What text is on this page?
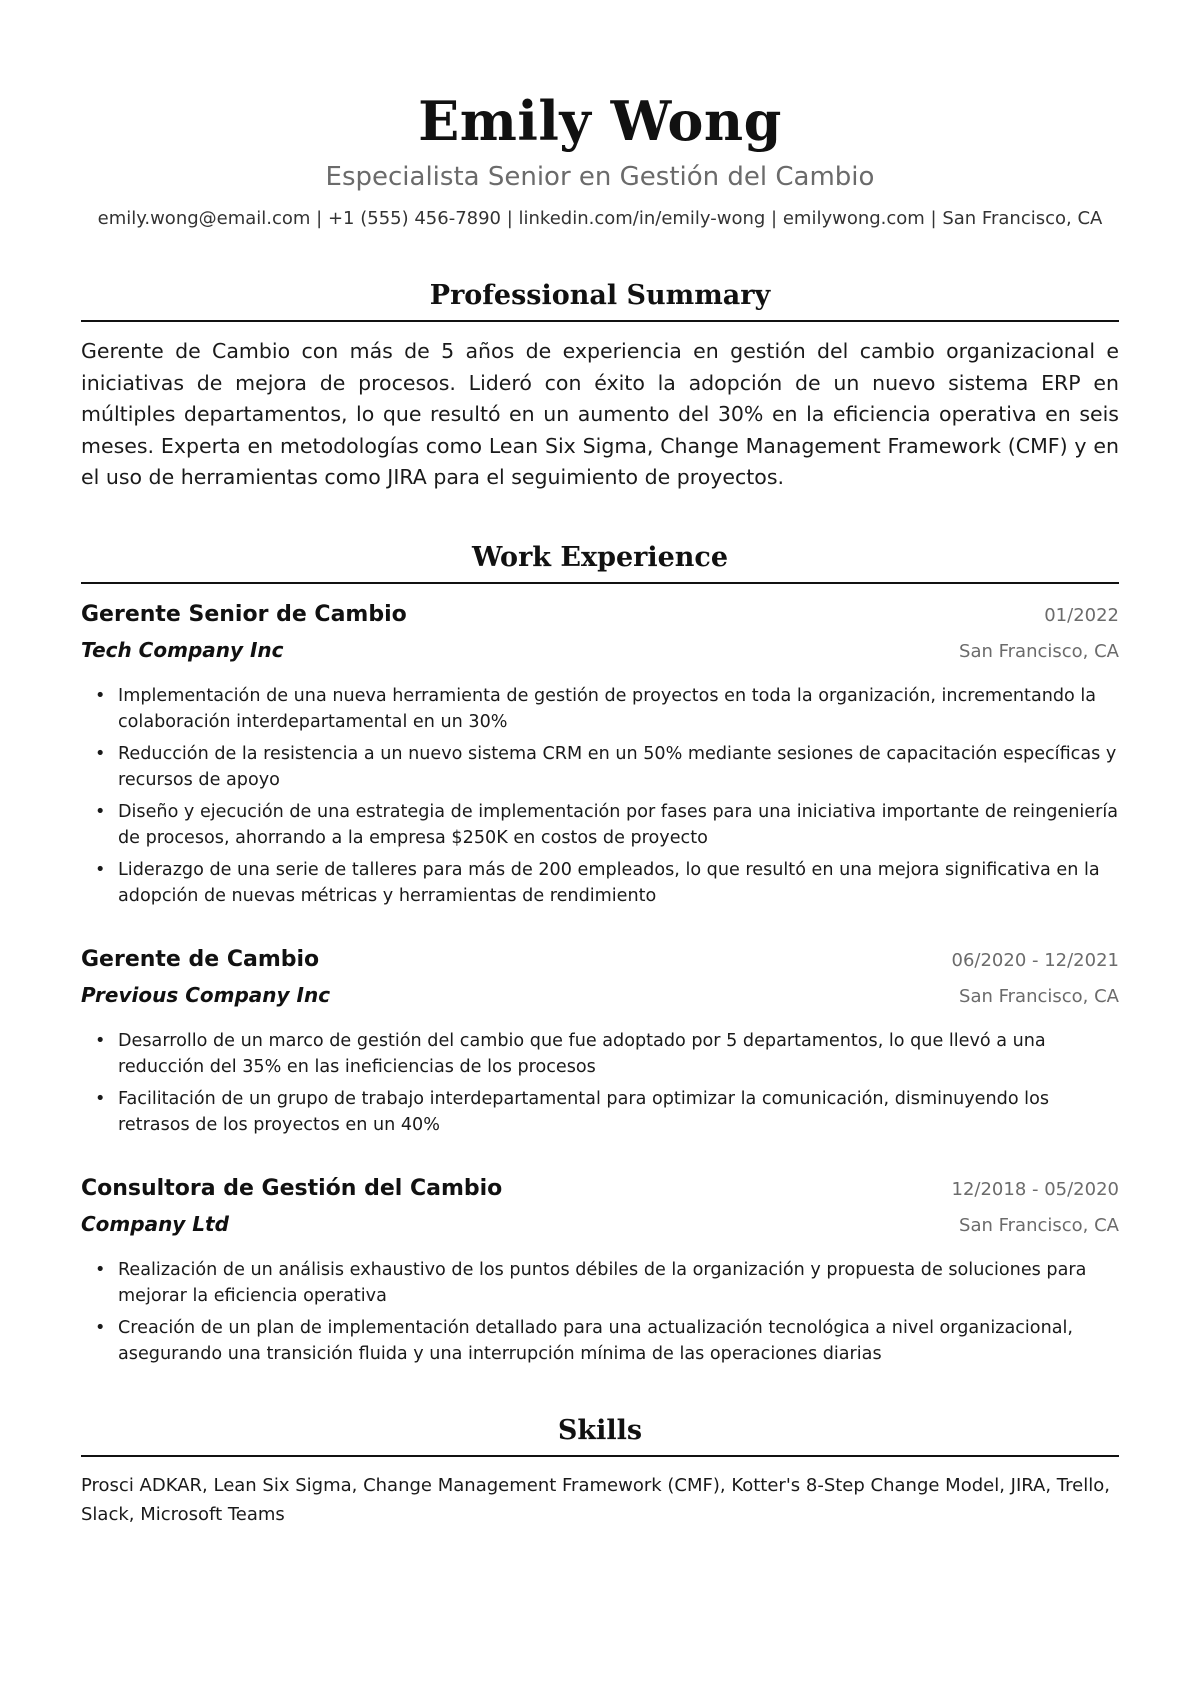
Emily Wong
Especialista Senior en Gestión del Cambio
emily.wong@email.com | +1 (555) 456-7890 | linkedin.com/in/emily-wong | emilywong.com | San Francisco, CA
Professional Summary
Gerente de Cambio con más de 5 años de experiencia en gestión del cambio organizacional e iniciativas de mejora de procesos. Lideró con éxito la adopción de un nuevo sistema ERP en múltiples departamentos, lo que resultó en un aumento del 30% en la eficiencia operativa en seis meses. Experta en metodologías como Lean Six Sigma, Change Management Framework (CMF) y en el uso de herramientas como JIRA para el seguimiento de proyectos.
Work Experience
Gerente Senior de Cambio	01/2022
Tech Company Inc	San Francisco, CA
• Implementación de una nueva herramienta de gestión de proyectos en toda la organización, incrementando la colaboración interdepartamental en un 30%
• Reducción de la resistencia a un nuevo sistema CRM en un 50% mediante sesiones de capacitación específicas y recursos de apoyo
• Diseño y ejecución de una estrategia de implementación por fases para una iniciativa importante de reingeniería de procesos, ahorrando a la empresa $250K en costos de proyecto
• Liderazgo de una serie de talleres para más de 200 empleados, lo que resultó en una mejora significativa en la adopción de nuevas métricas y herramientas de rendimiento
Gerente de Cambio	06/2020 - 12/2021
Previous Company Inc	San Francisco, CA
• Desarrollo de un marco de gestión del cambio que fue adoptado por 5 departamentos, lo que llevó a una reducción del 35% en las ineficiencias de los procesos
• Facilitación de un grupo de trabajo interdepartamental para optimizar la comunicación, disminuyendo los retrasos de los proyectos en un 40%
Consultora de Gestión del Cambio	12/2018 - 05/2020
Company Ltd	San Francisco, CA
• Realización de un análisis exhaustivo de los puntos débiles de la organización y propuesta de soluciones para mejorar la eficiencia operativa
• Creación de un plan de implementación detallado para una actualización tecnológica a nivel organizacional, asegurando una transición fluida y una interrupción mínima de las operaciones diarias
Skills
Prosci ADKAR, Lean Six Sigma, Change Management Framework (CMF), Kotter's 8-Step Change Model, JIRA, Trello, Slack, Microsoft Teams
